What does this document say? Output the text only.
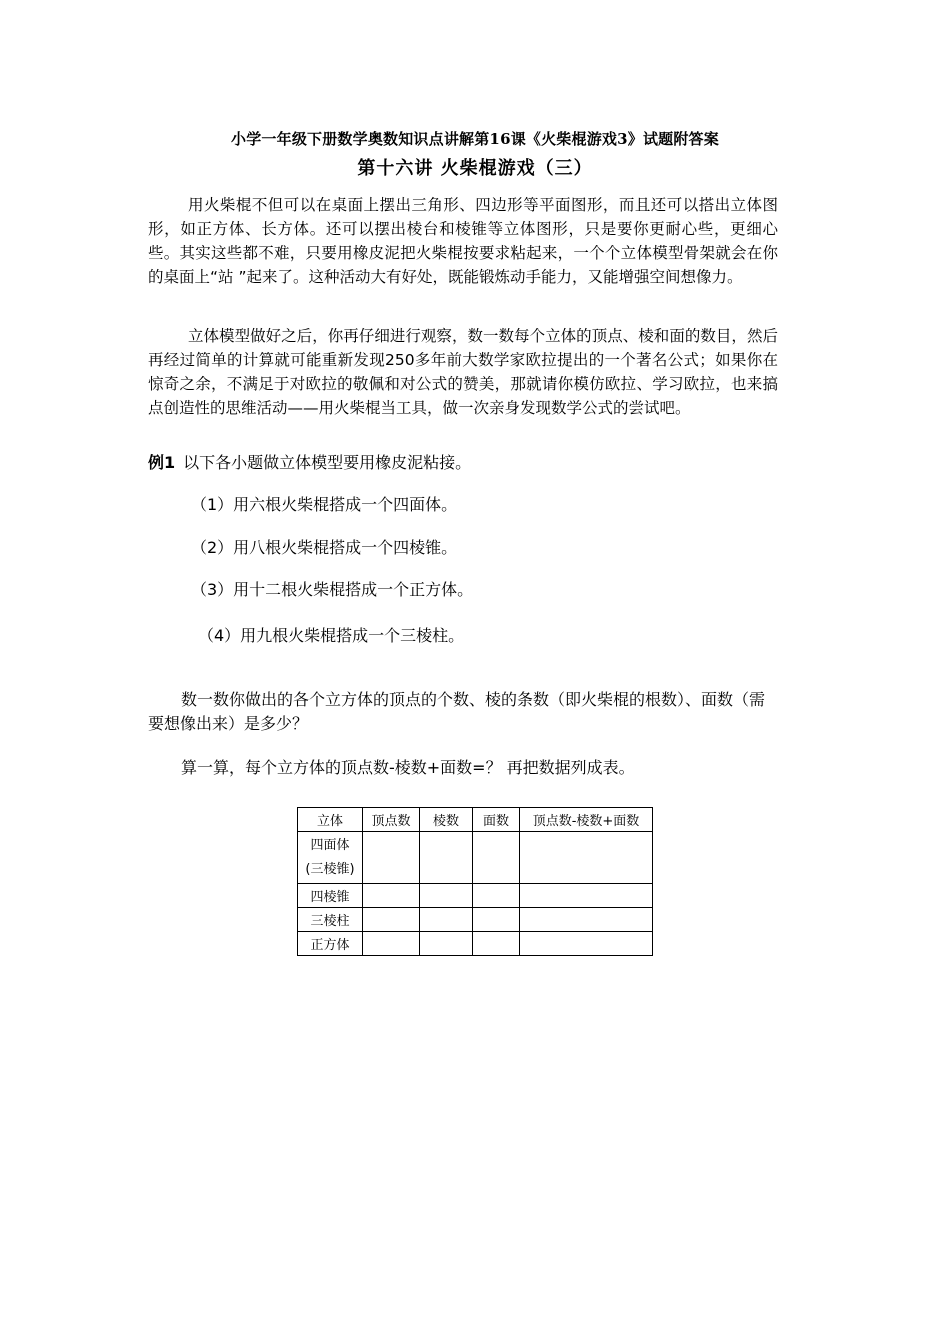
小学一年级下册数学奥数知识点讲解第16课《火柴棍游戏3》试题附答案
第十六讲 火柴棍游戏（三）

用火柴棍不但可以在桌面上摆出三角形、四边形等平面图形，而且还可以搭出立体图形，如正方体、长方体。还可以摆出棱台和棱锥等立体图形，只是要你更耐心些，更细心些。其实这些都不难，只要用橡皮泥把火柴棍按要求粘起来，一个个立体模型骨架就会在你的桌面上“站 ”起来了。这种活动大有好处，既能锻炼动手能力，又能增强空间想像力。

立体模型做好之后，你再仔细进行观察，数一数每个立体的顶点、棱和面的数目，然后再经过简单的计算就可能重新发现250多年前大数学家欧拉提出的一个著名公式；如果你在惊奇之余，不满足于对欧拉的敬佩和对公式的赞美，那就请你模仿欧拉、学习欧拉，也来搞点创造性的思维活动——用火柴棍当工具，做一次亲身发现数学公式的尝试吧。

例1 以下各小题做立体模型要用橡皮泥粘接。
（1）用六根火柴棍搭成一个四面体。
（2）用八根火柴棍搭成一个四棱锥。
（3）用十二根火柴棍搭成一个正方体。
（4）用九根火柴棍搭成一个三棱柱。

数一数你做出的各个立方体的顶点的个数、棱的条数（即火柴棍的根数）、面数（需要想像出来）是多少？

算一算，每个立方体的顶点数-棱数+面数=？ 再把数据列成表。
立体	顶点数	棱数	面数	顶点数-棱数+面数

四面体
(三棱锥)				

四棱锥				
三棱柱				
正方体				
